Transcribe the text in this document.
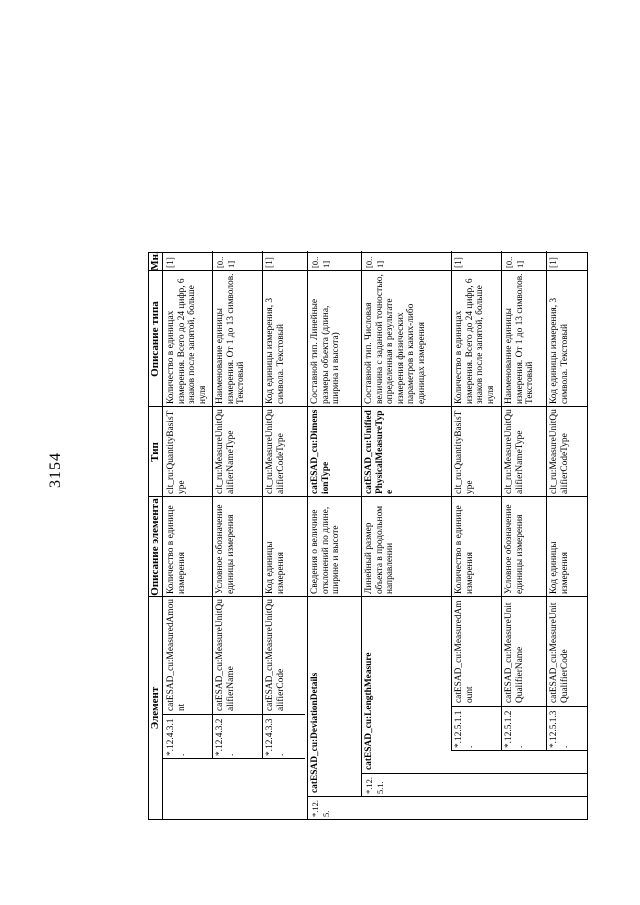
3154
Элемент
Описание элемента
Тип
Описание типа
Мн.
*.12.4.3.1.
catESAD_cu:MeasuredAmount
Количество в единице измерения
clt_ru:QuantityBasisType
Количество в единицах измерения. Всего до 24 цифр, 6 знаков после запятой, больше нуля
[1]
*.12.4.3.2.
catESAD_cu:MeasureUnitQualifierName
Условное обозначение единицы измерения
clt_ru:MeasureUnitQualifierNameType
Наименование единицы измерения. От 1 до 13 символов. Текстовый
[0..1]
*.12.4.3.3.
catESAD_cu:MeasureUnitQualifierCode
Код единицы измерения
clt_ru:MeasureUnitQualifierCodeType
Код единицы измерения, 3 символа. Текстовый
[1]
*.12.5.
catESAD_cu:DeviationDetails
Сведения о величине отклонений по длине, ширине и высоте
catESAD_cu:DimensionType
Составной тип. Линейные размеры объекта (длина, ширина и высота)
[0..1]
*.12.5.1.
catESAD_cu:LengthMeasure
Линейный размер объекта в продольном направлении
catESAD_cu:UnifiedPhysicalMeasureType
Составной тип. Числовая величина с заданной точностью, определенная в результате измерения физических параметров в каких-либо единицах измерения
[0..1]
*.12.5.1.1.
catESAD_cu:MeasuredAmount
Количество в единице измерения
clt_ru:QuantityBasisType
Количество в единицах измерения. Всего до 24 цифр, 6 знаков после запятой, больше нуля
[1]
*.12.5.1.2.
catESAD_cu:MeasureUnitQualifierName
Условное обозначение единицы измерения
clt_ru:MeasureUnitQualifierNameType
Наименование единицы измерения. От 1 до 13 символов. Текстовый
[0..1]
*.12.5.1.3.
catESAD_cu:MeasureUnitQualifierCode
Код единицы измерения
clt_ru:MeasureUnitQualifierCodeType
Код единицы измерения, 3 символа. Текстовый
[1]
